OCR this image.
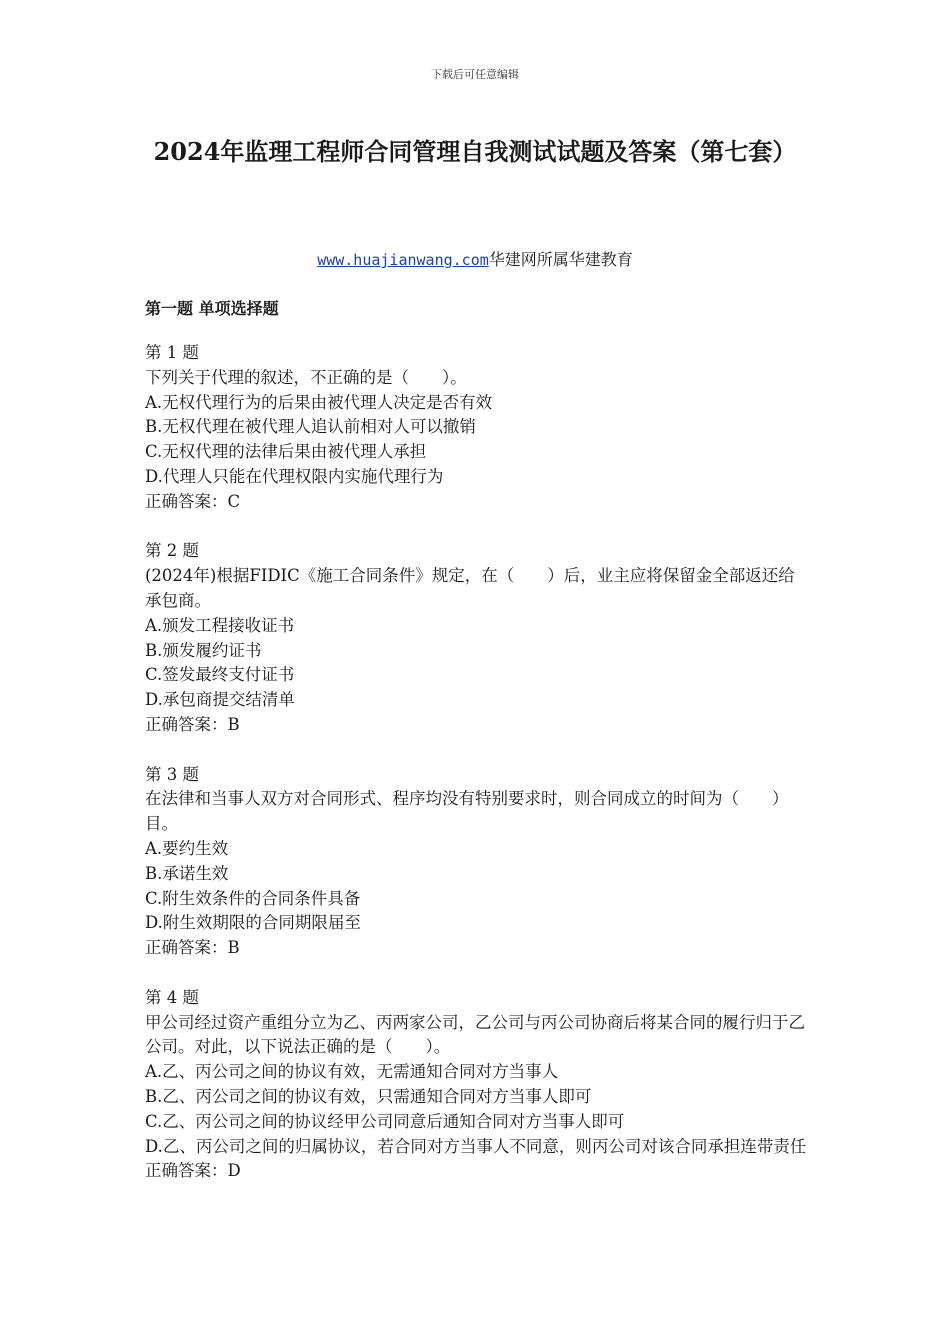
下载后可任意编辑
2024年监理工程师合同管理自我测试试题及答案（第七套）
www.huajianwang.com华建网所属华建教育
第一题 单项选择题
第 1 题
下列关于代理的叙述，不正确的是（　　）。
A.无权代理行为的后果由被代理人决定是否有效
B.无权代理在被代理人追认前相对人可以撤销
C.无权代理的法律后果由被代理人承担
D.代理人只能在代理权限内实施代理行为
正确答案：C
第 2 题
(2024年)根据FIDIC《施工合同条件》规定，在（　　）后，业主应将保留金全部返还给承包商。
A.颁发工程接收证书
B.颁发履约证书
C.签发最终支付证书
D.承包商提交结清单
正确答案：B
第 3 题
在法律和当事人双方对合同形式、程序均没有特别要求时，则合同成立的时间为（　　）目。
A.要约生效
B.承诺生效
C.附生效条件的合同条件具备
D.附生效期限的合同期限届至
正确答案：B
第 4 题
甲公司经过资产重组分立为乙、丙两家公司，乙公司与丙公司协商后将某合同的履行归于乙公司。对此，以下说法正确的是（　　）。
A.乙、丙公司之间的协议有效，无需通知合同对方当事人
B.乙、丙公司之间的协议有效，只需通知合同对方当事人即可
C.乙、丙公司之间的协议经甲公司同意后通知合同对方当事人即可
D.乙、丙公司之间的归属协议，若合同对方当事人不同意，则丙公司对该合同承担连带责任
正确答案：D
